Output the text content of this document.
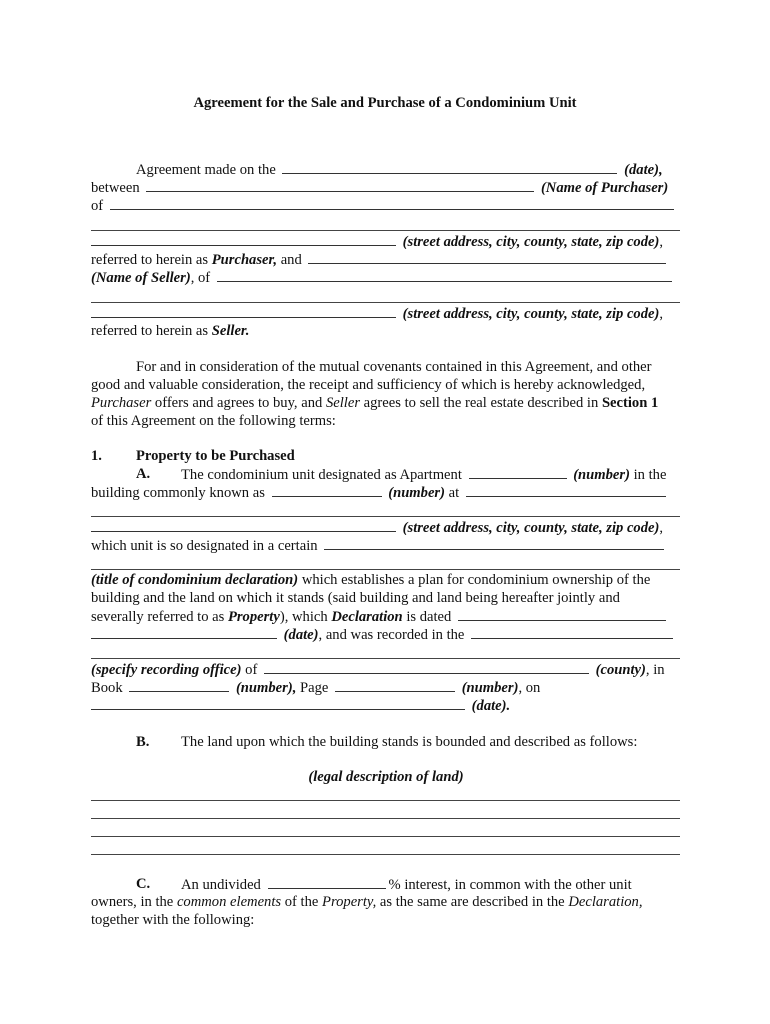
Agreement for the Sale and Purchase of a Condominium Unit
Agreement made on the	(date),
between	(Name of Purchaser)
of
(street address, city, county, state, zip code),
referred to herein as Purchaser, and
(Name of Seller), of
(street address, city, county, state, zip code),
referred to herein as Seller.
For and in consideration of the mutual covenants contained in this Agreement, and other
good and valuable consideration, the receipt and sufficiency of which is hereby acknowledged,
Purchaser offers and agrees to buy, and Seller agrees to sell the real estate described in Section 1
of this Agreement on the following terms:
1. Property to be Purchased
A. The condominium unit designated as Apartment	(number) in the
building commonly known as	(number) at
(street address, city, county, state, zip code),
which unit is so designated in a certain
(title of condominium declaration) which establishes a plan for condominium ownership of the
building and the land on which it stands (said building and land being hereafter jointly and
severally referred to as Property), which Declaration is dated
(date), and was recorded in the
(specify recording office) of	(county), in
Book	(number), Page	(number), on
(date).
B. The land upon which the building stands is bounded and described as follows:
(legal description of land)
C. An undivided	% interest, in common with the other unit
owners, in the common elements of the Property, as the same are described in the Declaration,
together with the following:
